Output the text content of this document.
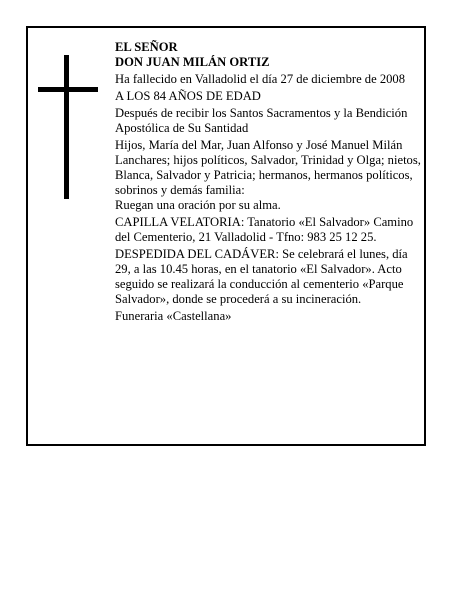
EL SEÑOR

DON JUAN MILÁN ORTIZ

Ha fallecido en Valladolid el día 27 de diciembre de 2008

A LOS 84 AÑOS DE EDAD

Después de recibir los Santos Sacramentos y la Bendición Apostólica de Su Santidad

Hijos, María del Mar, Juan Alfonso y José Manuel Milán Lanchares; hijos políticos, Salvador, Trinidad y Olga; nietos, Blanca, Salvador y Patricia; hermanos, hermanos políticos, sobrinos y demás familia:

Ruegan una oración por su alma.

CAPILLA VELATORIA: Tanatorio «El Salvador» Camino del Cementerio, 21 Valladolid - Tfno: 983 25 12 25.

DESPEDIDA DEL CADÁVER: Se celebrará el lunes, día 29, a las 10.45 horas, en el tanatorio «El Salvador». Acto seguido se realizará la conducción al cementerio «Parque Salvador», donde se procederá a su incineración.

Funeraria «Castellana»
